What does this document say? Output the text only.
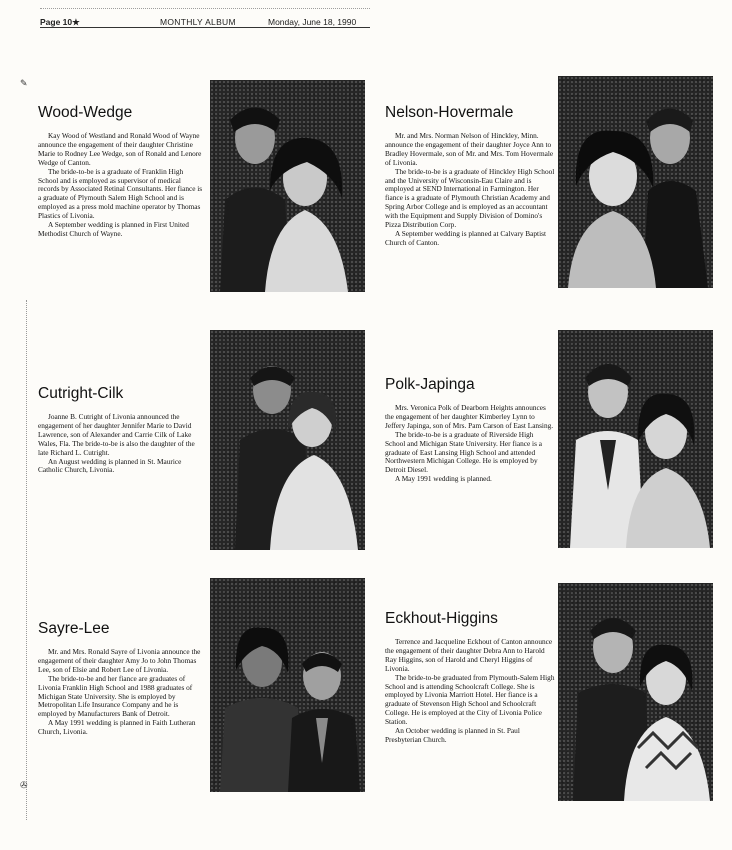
Page 10★	MONTHLY ALBUM	Monday, June 18, 1990
✎
✇
Wood-Wedge

Kay Wood of Westland and Ronald Wood of Wayne announce the engagement of their daughter Christine Marie to Rodney Lee Wedge, son of Ronald and Lenore Wedge of Canton.

The bride-to-be is a graduate of Franklin High School and is employed as supervisor of medical records by Associated Retinal Consultants. Her fiance is a graduate of Plymouth Salem High School and is employed as a press mold machine operator by Thomas Plastics of Livonia.

A September wedding is planned in First United Methodist Church of Wayne.

Nelson-Hovermale

Mr. and Mrs. Norman Nelson of Hinckley, Minn. announce the engagement of their daughter Joyce Ann to Bradley Hovermale, son of Mr. and Mrs. Tom Hovermale of Livonia.

The bride-to-be is a graduate of Hinckley High School and the University of Wisconsin-Eau Claire and is employed at SEND International in Farmington. Her fiance is a graduate of Plymouth Christian Academy and Spring Arbor College and is employed as an accountant with the Equipment and Supply Division of Domino's Pizza Distribution Corp.

A September wedding is planned at Calvary Baptist Church of Canton.

Cutright-Cilk

Joanne B. Cutright of Livonia announced the engagement of her daughter Jennifer Marie to David Lawrence, son of Alexander and Carrie Cilk of Lake Wales, Fla. The bride-to-be is also the daughter of the late Richard L. Cutright.

An August wedding is planned in St. Maurice Catholic Church, Livonia.

Polk-Japinga

Mrs. Veronica Polk of Dearborn Heights announces the engagement of her daughter Kimberley Lynn to Jeffery Japinga, son of Mrs. Pam Carson of East Lansing.

The bride-to-be is a graduate of Riverside High School and Michigan State University. Her fiance is a graduate of East Lansing High School and attended Northwestern Michigan College. He is employed by Detroit Diesel.

A May 1991 wedding is planned.

Sayre-Lee

Mr. and Mrs. Ronald Sayre of Livonia announce the engagement of their daughter Amy Jo to John Thomas Lee, son of Elsie and Robert Lee of Livonia.

The bride-to-be and her fiance are graduates of Livonia Franklin High School and 1988 graduates of Michigan State University. She is employed by Metropolitan Life Insurance Company and he is employed by Manufacturers Bank of Detroit.

A May 1991 wedding is planned in Faith Lutheran Church, Livonia.

Eckhout-Higgins

Terrence and Jacqueline Eckhout of Canton announce the engagement of their daughter Debra Ann to Harold Ray Higgins, son of Harold and Cheryl Higgins of Livonia.

The bride-to-be graduated from Plymouth-Salem High School and is attending Schoolcraft College. She is employed by Livonia Marriott Hotel. Her fiance is a graduate of Stevenson High School and Schoolcraft College. He is employed at the City of Livonia Police Station.

An October wedding is planned in St. Paul Presbyterian Church.
